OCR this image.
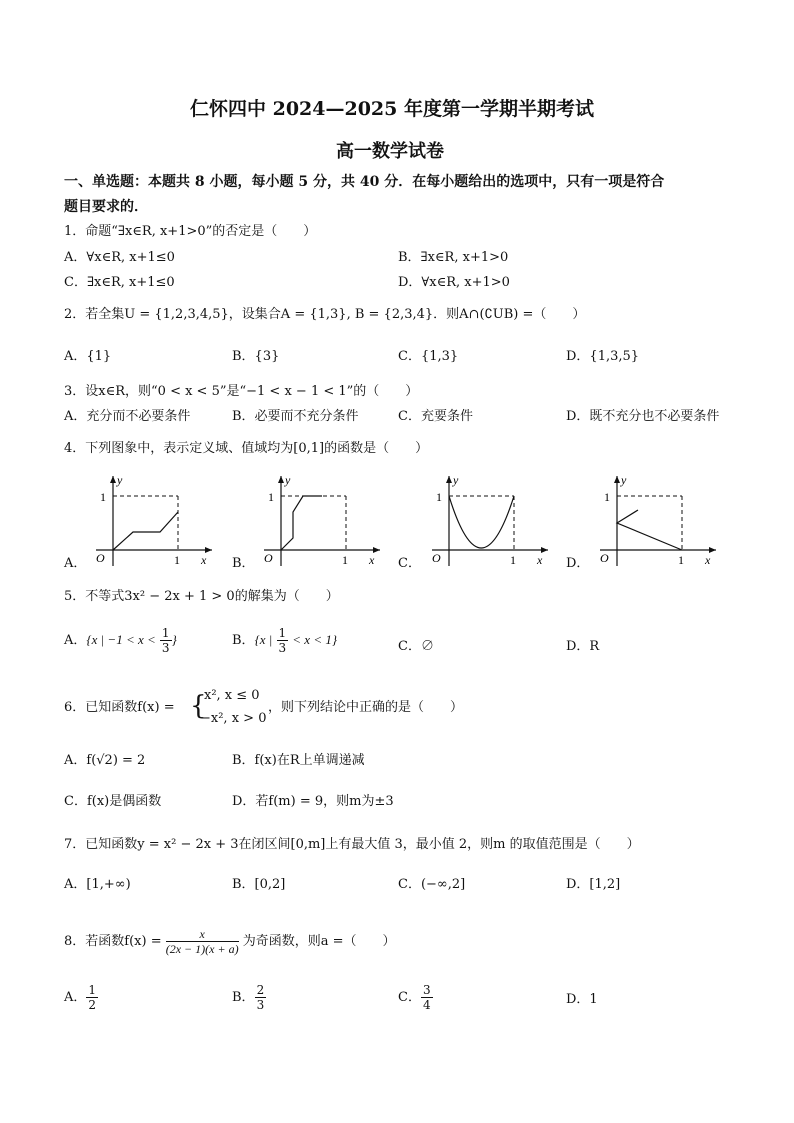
仁怀四中 2024—2025 年度第一学期半期考试
高一数学试卷
一、单选题：本题共 8 小题，每小题 5 分，共 40 分．在每小题给出的选项中，只有一项是符合
题目要求的．
1．命题“∃x∈R, x+1>0”的否定是（　　）
A．∀x∈R, x+1≤0	B．∃x∈R, x+1>0
C．∃x∈R, x+1≤0	D．∀x∈R, x+1>0
2．若全集U = {1,2,3,4,5}，设集合A = {1,3}, B = {2,3,4}．则A∩(∁UB) =（　　）
A．{1}	B．{3}	C．{1,3}	D．{1,3,5}
3．设x∈R，则“0 < x < 5”是“−1 < x − 1 < 1”的（　　）
A．充分而不必要条件	B．必要而不充分条件	C．充要条件	D．既不充分也不必要条件
4．下列图象中，表示定义域、值域均为[0,1]的函数是（　　）
A．
y
x
O
1
1	B．
y
x
O
1
1	C．
y
x
O
1
1	D．
y
x
O
1
1
5．不等式3x² − 2x + 1 > 0的解集为（　　）
A．{x | $-1 < x < \frac{1}{3}$ }	B．{x | $\frac{1}{3} < x < 1$}	C．∅	D．R
6．已知函数f(x) = {
x², x ≤ 0
−x², x > 0
，则下列结论中正确的是（　　）
A．f(√2) = 2	B．f(x)在R上单调递减
C．f(x)是偶函数	D．若f(m) = 9，则m为±3
7．已知函数y = x² − 2x + 3在闭区间[0,m]上有最大值 3，最小值 2，则m 的取值范围是（　　）
A．[1,+∞)	B．[0,2]	C．(−∞,2]	D．[1,2]
8．若函数$f(x) = \frac{x}{(2x - 1)(x + a)}$ 为奇函数，则a =（　　）
A． $\frac{1}{2}$	B． $\frac{2}{3}$	C． $\frac{3}{4}$	D．1
